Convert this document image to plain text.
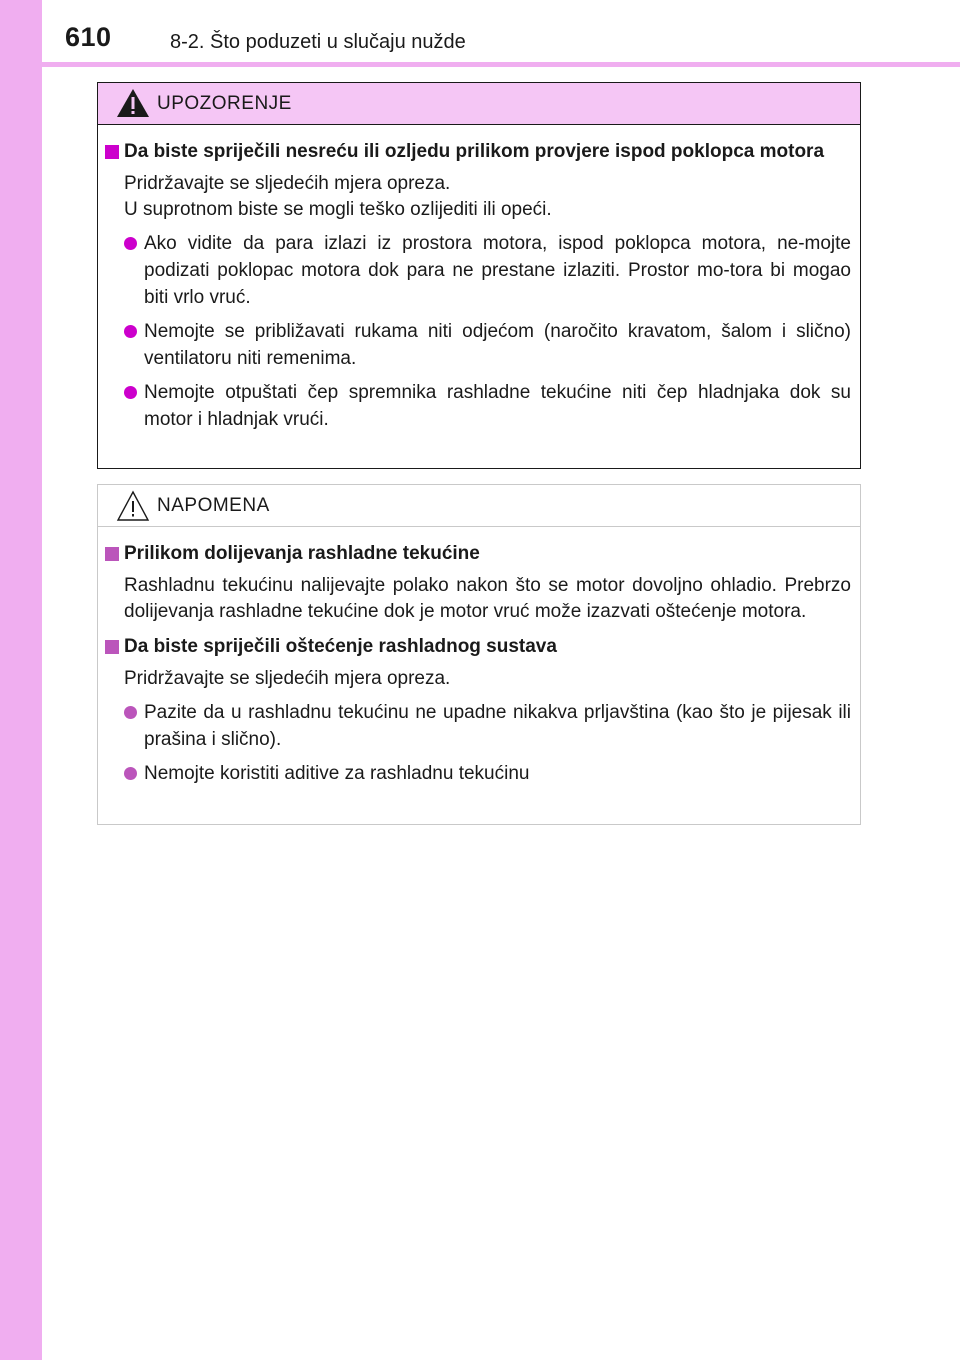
610	8-2. Što poduzeti u slučaju nužde
UPOZORENJE
Da biste spriječili nesreću ili ozljedu prilikom provjere ispod poklopca motora
Pridržavajte se sljedećih mjera opreza.
U suprotnom biste se mogli teško ozlijediti ili opeći.
Ako vidite da para izlazi iz prostora motora, ispod poklopca motora, ne-mojte podizati poklopac motora dok para ne prestane izlaziti. Prostor mo-tora bi mogao biti vrlo vruć.
Nemojte se približavati rukama niti odjećom (naročito kravatom, šalom i slično) ventilatoru niti remenima.
Nemojte otpuštati čep spremnika rashladne tekućine niti čep hladnjaka dok su motor i hladnjak vrući.
NAPOMENA
Prilikom dolijevanja rashladne tekućine
Rashladnu tekućinu nalijevajte polako nakon što se motor dovoljno ohladio. Prebrzo dolijevanja rashladne tekućine dok je motor vruć može izazvati oštećenje motora.
Da biste spriječili oštećenje rashladnog sustava
Pridržavajte se sljedećih mjera opreza.
Pazite da u rashladnu tekućinu ne upadne nikakva prljavština (kao što je pijesak ili prašina i slično).
Nemojte koristiti aditive za rashladnu tekućinu
